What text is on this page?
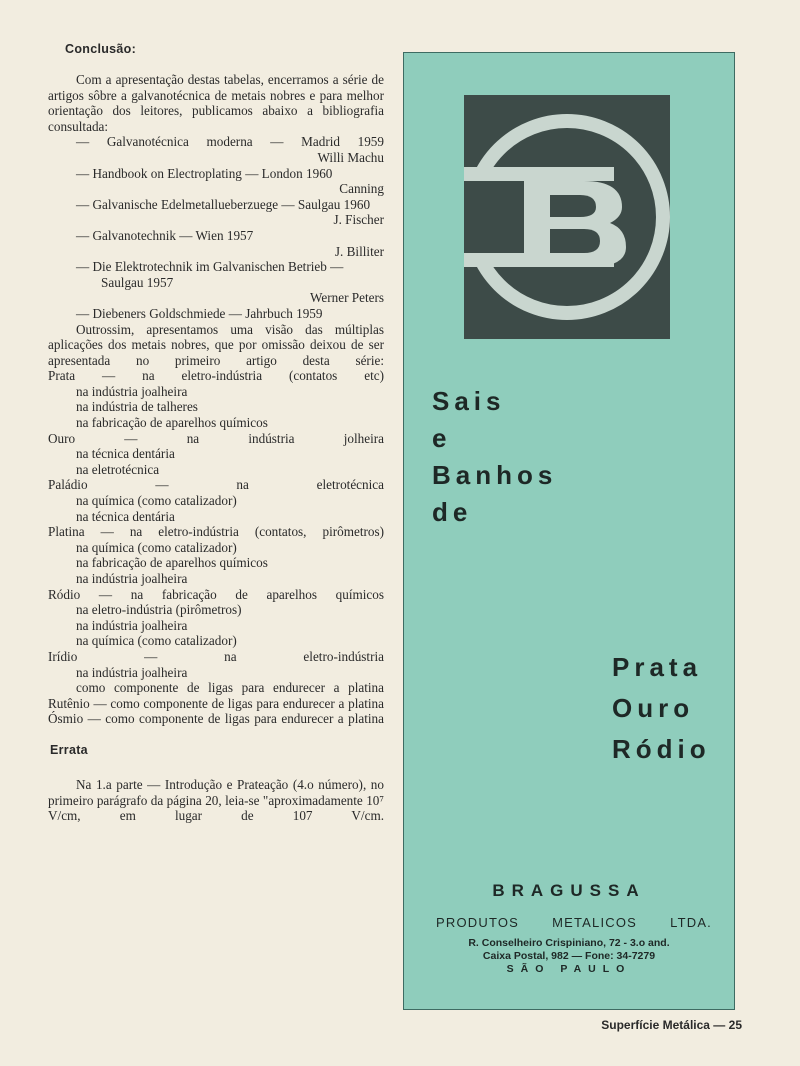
Conclusão:

Com a apresentação destas tabelas, encerramos a série de artigos sôbre a galvanotécnica de metais nobres e para melhor orientação dos leitores, publicamos abaixo a bibliografia consultada:

— Galvanotécnica moderna — Madrid 1959

Willi Machu

— Handbook on Electroplating — London 1960

Canning

— Galvanische Edelmetallueberzuege — Saulgau 1960

J. Fischer

— Galvanotechnik — Wien 1957

J. Billiter

— Die Elektrotechnik im Galvanischen Betrieb — Saulgau 1957

Werner Peters

— Diebeners Goldschmiede — Jahrbuch 1959

Outrossim, apresentamos uma visão das múltiplas aplicações dos metais nobres, que por omissão deixou de ser apresentada no primeiro artigo desta série:

Prata — na eletro-indústria (contatos etc)

na indústria joalheira

na indústria de talheres

na fabricação de aparelhos químicos

Ouro — na indústria jolheira

na técnica dentária

na eletrotécnica

Paládio — na eletrotécnica

na química (como catalizador)

na técnica dentária

Platina — na eletro-indústria (contatos, pirômetros)

na química (como catalizador)

na fabricação de aparelhos químicos

na indústria joalheira

Ródio — na fabricação de aparelhos químicos

na eletro-indústria (pirômetros)

na indústria joalheira

na química (como catalizador)

Irídio — na eletro-indústria

na indústria joalheira

como componente de ligas para endurecer a platina

Rutênio — como componente de ligas para endurecer a platina

Ósmio — como componente de ligas para endurecer a platina

Errata

Na 1.a parte — Introdução e Prateação (4.o número), no primeiro parágrafo da página 20, leia-se "aproximadamente 10⁷ V/cm, em lugar de 107 V/cm.

Sais
e
Banhos
de
Prata
Ouro
Ródio
BRAGUSSA
PRODUTOS METALICOS LTDA.
R. Conselheiro Crispiniano, 72 - 3.o and.
Caixa Postal, 982 — Fone: 34-7279
SÃO PAULO
Superfície Metálica — 25
